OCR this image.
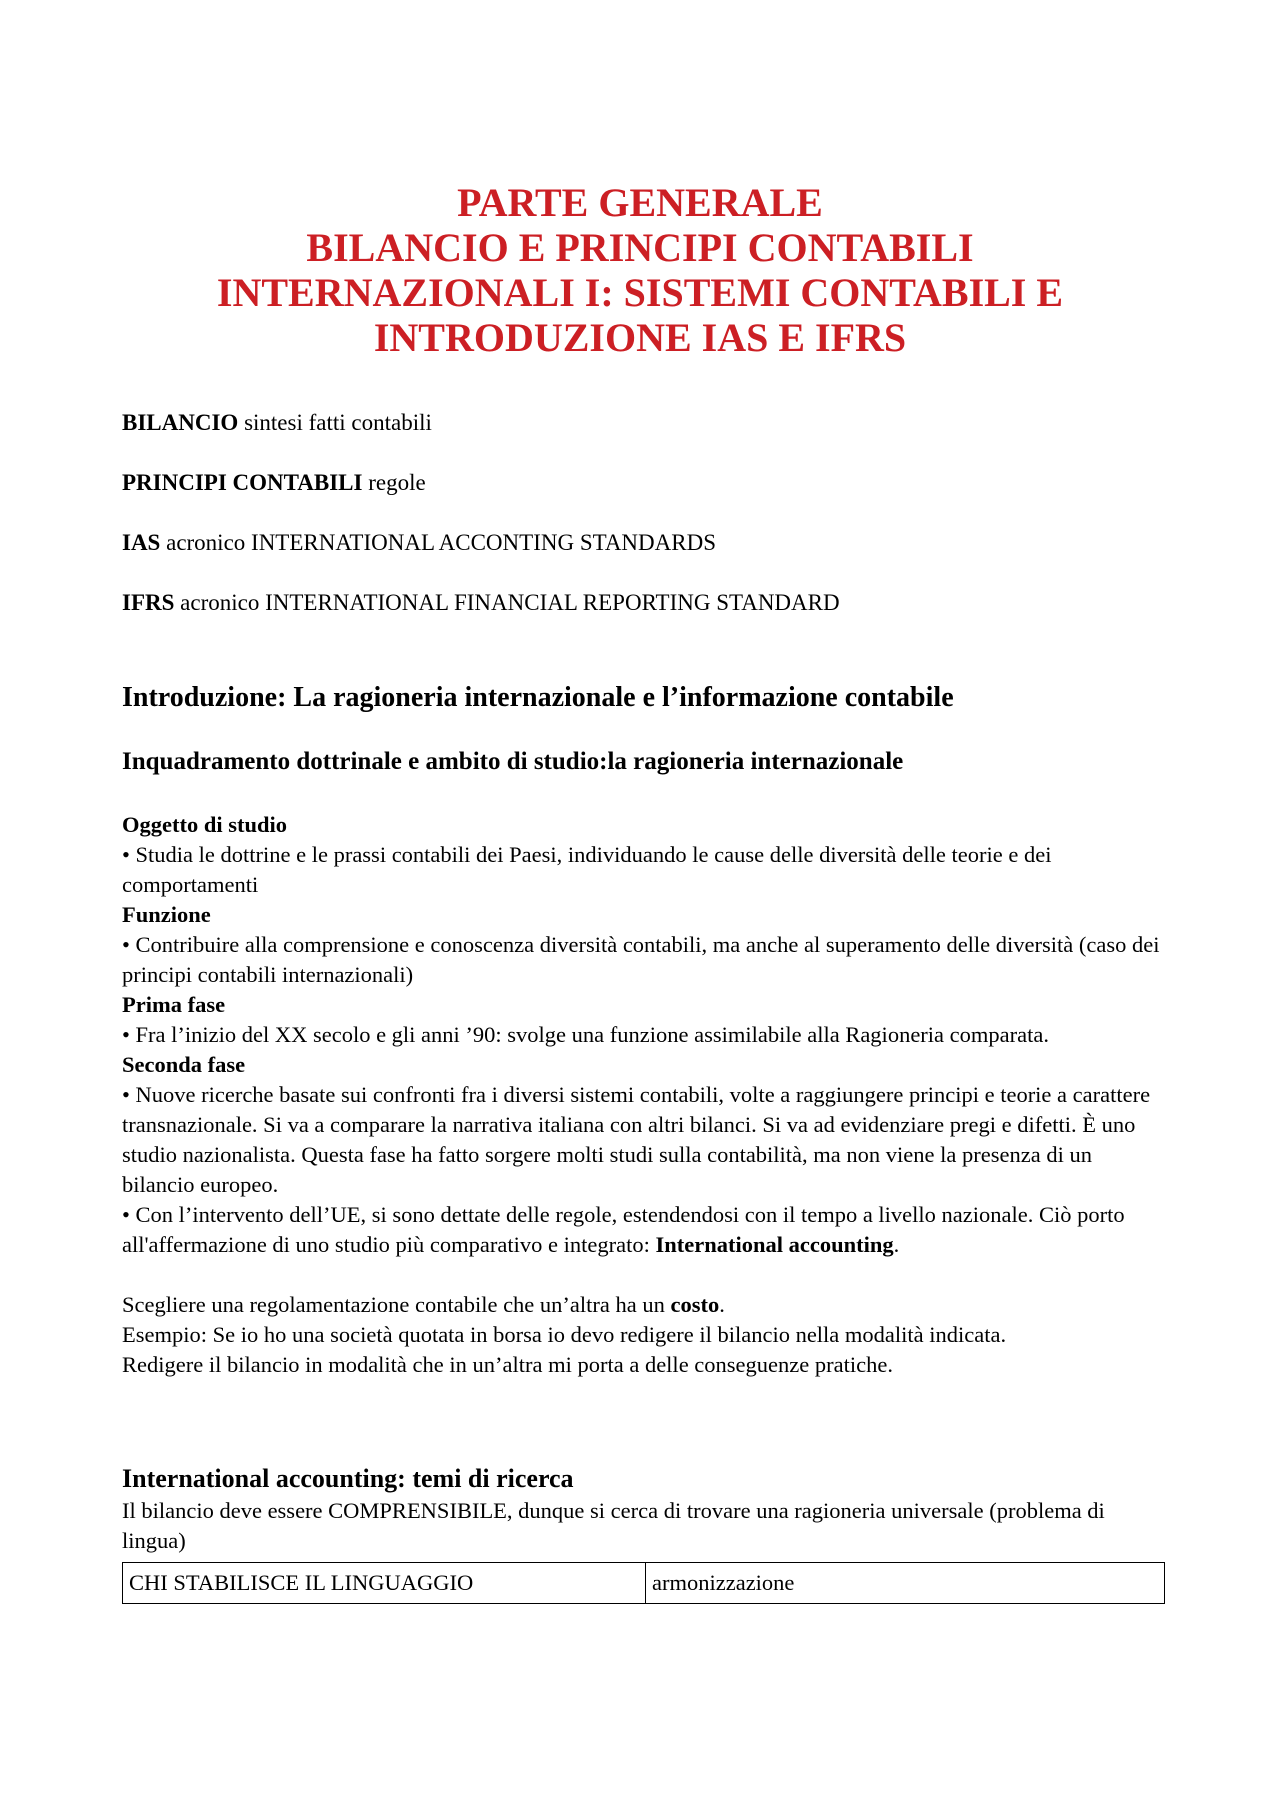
PARTE GENERALE
BILANCIO E PRINCIPI CONTABILI
INTERNAZIONALI I: SISTEMI CONTABILI E
INTRODUZIONE IAS E IFRS
BILANCIO sintesi fatti contabili
PRINCIPI CONTABILI regole
IAS acronico INTERNATIONAL ACCONTING STANDARDS
IFRS acronico INTERNATIONAL FINANCIAL REPORTING STANDARD
Introduzione: La ragioneria internazionale e l’informazione contabile
Inquadramento dottrinale e ambito di studio:la ragioneria internazionale

Oggetto di studio

• Studia le dottrine e le prassi contabili dei Paesi, individuando le cause delle diversità delle teorie e dei comportamenti

Funzione

• Contribuire alla comprensione e conoscenza diversità contabili, ma anche al superamento delle diversità (caso dei principi contabili internazionali)

Prima fase

• Fra l’inizio del XX secolo e gli anni ’90: svolge una funzione assimilabile alla Ragioneria comparata.

Seconda fase

• Nuove ricerche basate sui confronti fra i diversi sistemi contabili, volte a raggiungere principi e teorie a carattere transnazionale. Si va a comparare la narrativa italiana con altri bilanci. Si va ad evidenziare pregi e difetti. È uno studio nazionalista. Questa fase ha fatto sorgere molti studi sulla contabilità, ma non viene la presenza di un bilancio europeo.

• Con l’intervento dell’UE, si sono dettate delle regole, estendendosi con il tempo a livello nazionale. Ciò porto all'affermazione di uno studio più comparativo e integrato: International accounting.

Scegliere una regolamentazione contabile che un’altra ha un costo.

Esempio: Se io ho una società quotata in borsa io devo redigere il bilancio nella modalità indicata.

Redigere il bilancio in modalità che in un’altra mi porta a delle conseguenze pratiche.

International accounting: temi di ricerca
Il bilancio deve essere COMPRENSIBILE, dunque si cerca di trovare una ragioneria universale (problema di lingua)
CHI STABILISCE IL LINGUAGGIO	armonizzazione
